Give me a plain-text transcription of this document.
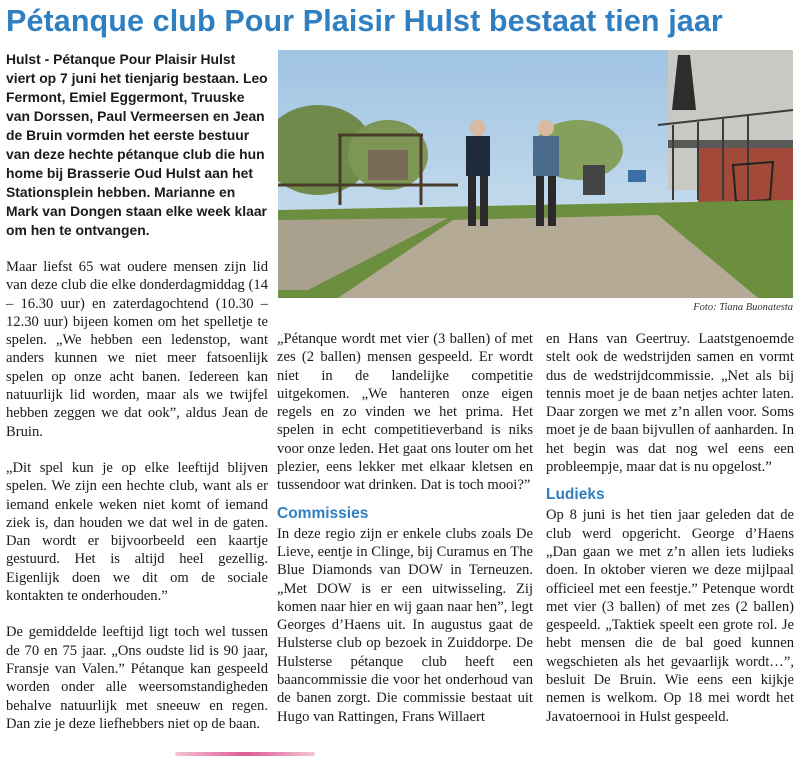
Pétanque club Pour Plaisir Hulst bestaat tien jaar

Hulst - Pétanque Pour Plaisir Hulst viert op 7 juni het tienjarig bestaan. Leo Fermont, Emiel Eggermont, Truuske van Dorssen, Paul Vermeersen en Jean de Bruin vormden het eerste bestuur van deze hechte pétanque club die hun home bij Brasserie Oud Hulst aan het Stationsplein hebben. Marianne en Mark van Dongen staan elke week klaar om hen te ontvangen.

Maar liefst 65 wat oudere mensen zijn lid van deze club die elke donderdagmiddag (14 – 16.30 uur) en zaterdagochtend (10.30 – 12.30 uur) bijeen komen om het spelletje te spelen. „We hebben een ledenstop, want anders kunnen we niet meer fatsoenlijk spelen op onze acht banen. Iedereen kan natuurlijk lid worden, maar als we twijfel hebben zeggen we dat ook”, aldus Jean de Bruin.

„Dit spel kun je op elke leeftijd blijven spelen. We zijn een hechte club, want als er iemand enkele weken niet komt of iemand ziek is, dan houden we dat wel in de gaten. Dan wordt er bijvoorbeeld een kaartje gestuurd. Het is altijd heel gezellig. Eigenlijk doen we dit om de sociale kontakten te onderhouden.”

De gemiddelde leeftijd ligt toch wel tussen de 70 en 75 jaar. „Ons oudste lid is 90 jaar, Fransje van Valen.” Pétanque kan gespeeld worden onder alle weersomstandigheden behalve natuurlijk met sneeuw en regen. Dan zie je deze liefhebbers niet op de baan.

Foto: Tiana Buonatesta

„Pétanque wordt met vier (3 ballen) of met zes (2 ballen) mensen gespeeld. Er wordt niet in de landelijke competitie uitgekomen. „We hanteren onze eigen regels en zo vinden we het prima. Het spelen in echt competitieverband is niks voor onze leden. Het gaat ons louter om het plezier, eens lekker met elkaar kletsen en tussendoor wat drinken. Dat is toch mooi?”

Commissies

In deze regio zijn er enkele clubs zoals De Lieve, eentje in Clinge, bij Curamus en The Blue Diamonds van DOW in Terneuzen. „Met DOW is er een uitwisseling. Zij komen naar hier en wij gaan naar hen”, legt Georges d’Haens uit. In augustus gaat de Hulsterse club op bezoek in Zuiddorpe. De Hulsterse pétanque club heeft een baancommissie die voor het onderhoud van de banen zorgt. Die commissie bestaat uit Hugo van Rattingen, Frans Willaert

en Hans van Geertruy. Laatstgenoemde stelt ook de wedstrijden samen en vormt dus de wedstrijdcommissie. „Net als bij tennis moet je de baan netjes achter laten. Daar zorgen we met z’n allen voor. Soms moet je de baan bijvullen of aanharden. In het begin was dat nog wel eens een probleempje, maar dat is nu opgelost.”

Ludieks

Op 8 juni is het tien jaar geleden dat de club werd opgericht. George d’Haens „Dan gaan we met z’n allen iets ludieks doen. In oktober vieren we deze mijlpaal officieel met een feestje.” Petenque wordt met vier (3 ballen) of met zes (2 ballen) gespeeld. „Taktiek speelt een grote rol. Je hebt mensen die de bal goed kunnen wegschieten als het gevaarlijk wordt…”, besluit De Bruin. Wie eens een kijkje nemen is welkom. Op 18 mei wordt het Javatoernooi in Hulst gespeeld.
